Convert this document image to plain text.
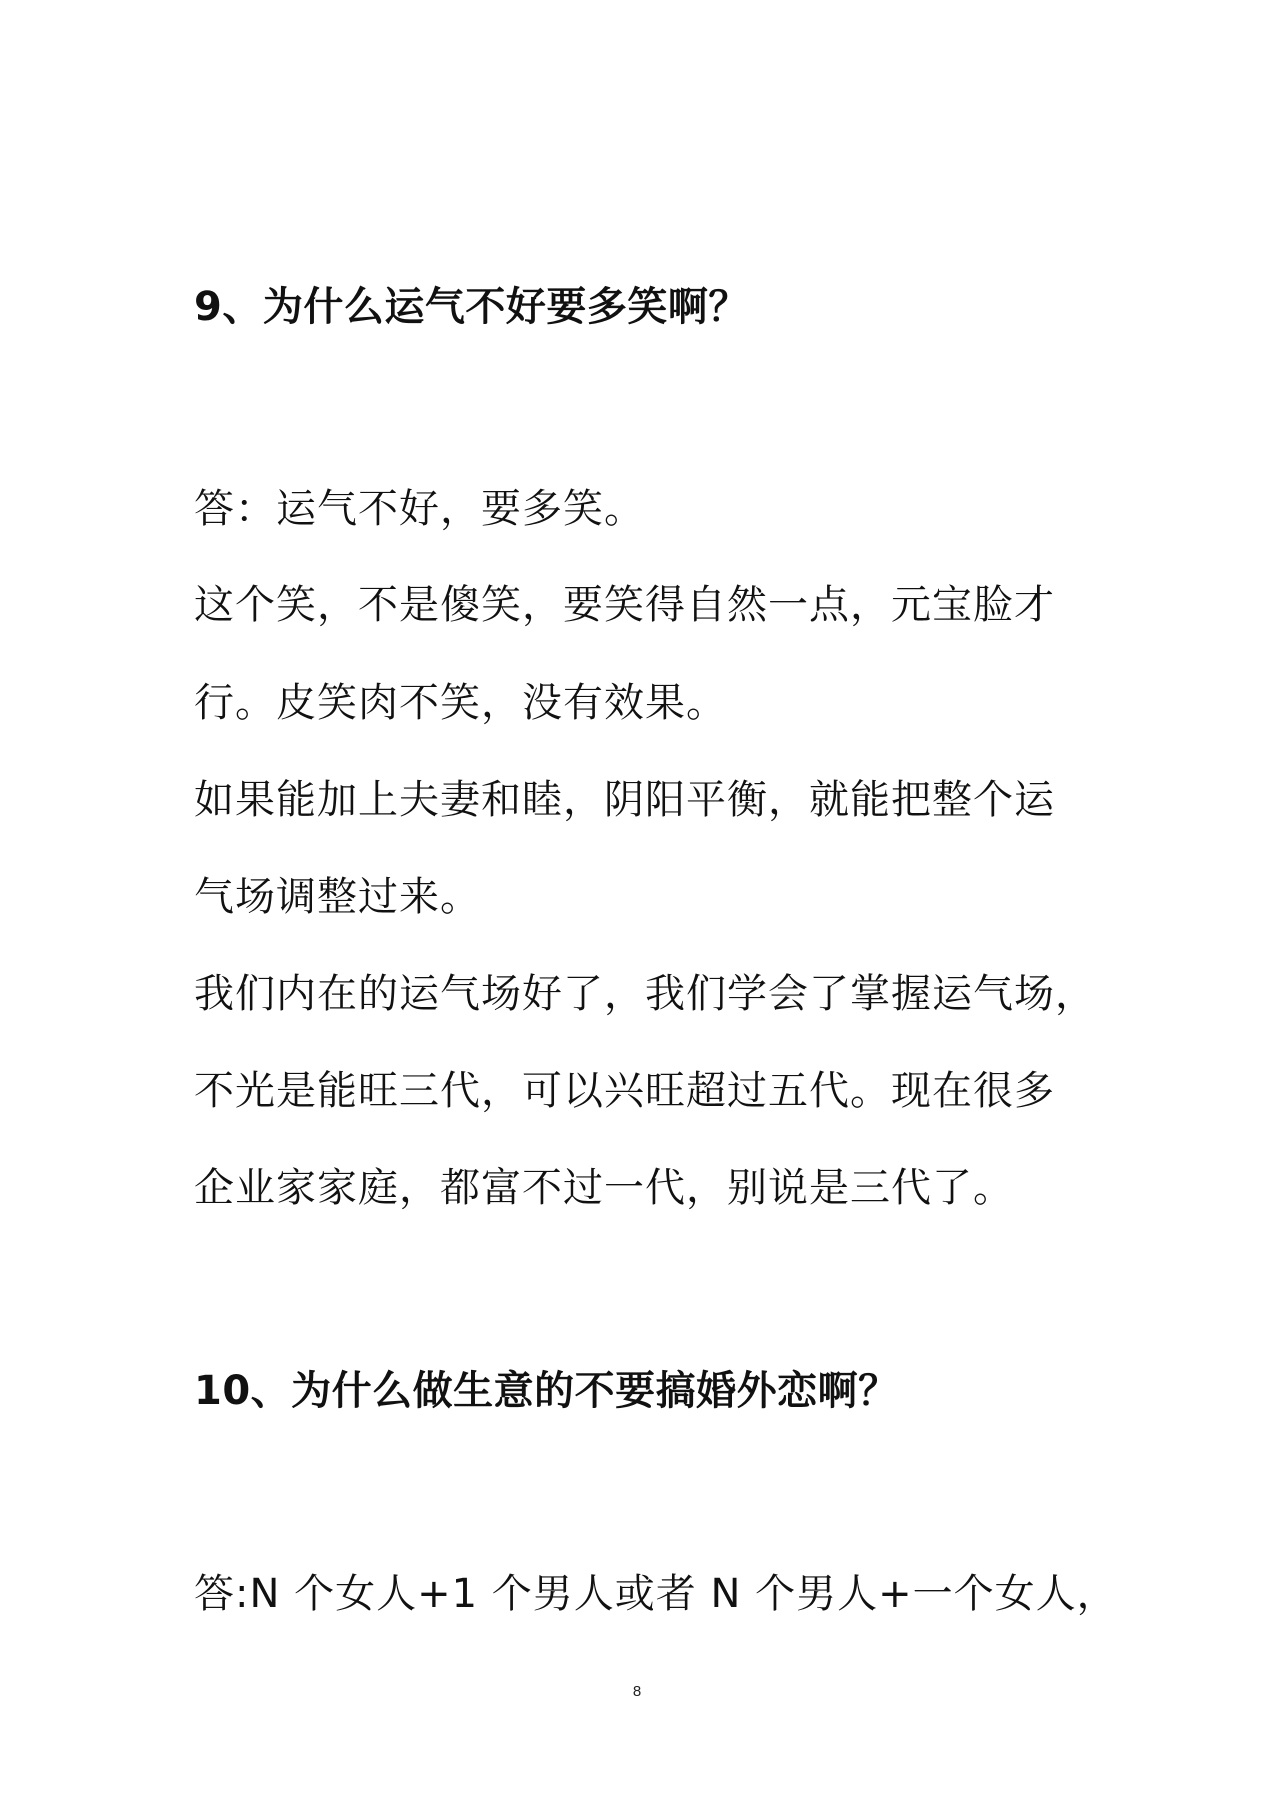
9、为什么运气不好要多笑啊？
答：运气不好，要多笑。
这个笑，不是傻笑，要笑得自然一点，元宝脸才
行。皮笑肉不笑，没有效果。
如果能加上夫妻和睦，阴阳平衡，就能把整个运
气场调整过来。
我们内在的运气场好了，我们学会了掌握运气场，
不光是能旺三代，可以兴旺超过五代。现在很多
企业家家庭，都富不过一代，别说是三代了。
10、为什么做生意的不要搞婚外恋啊？
答:N 个女人+1 个男人或者 N 个男人+一个女人，
8
